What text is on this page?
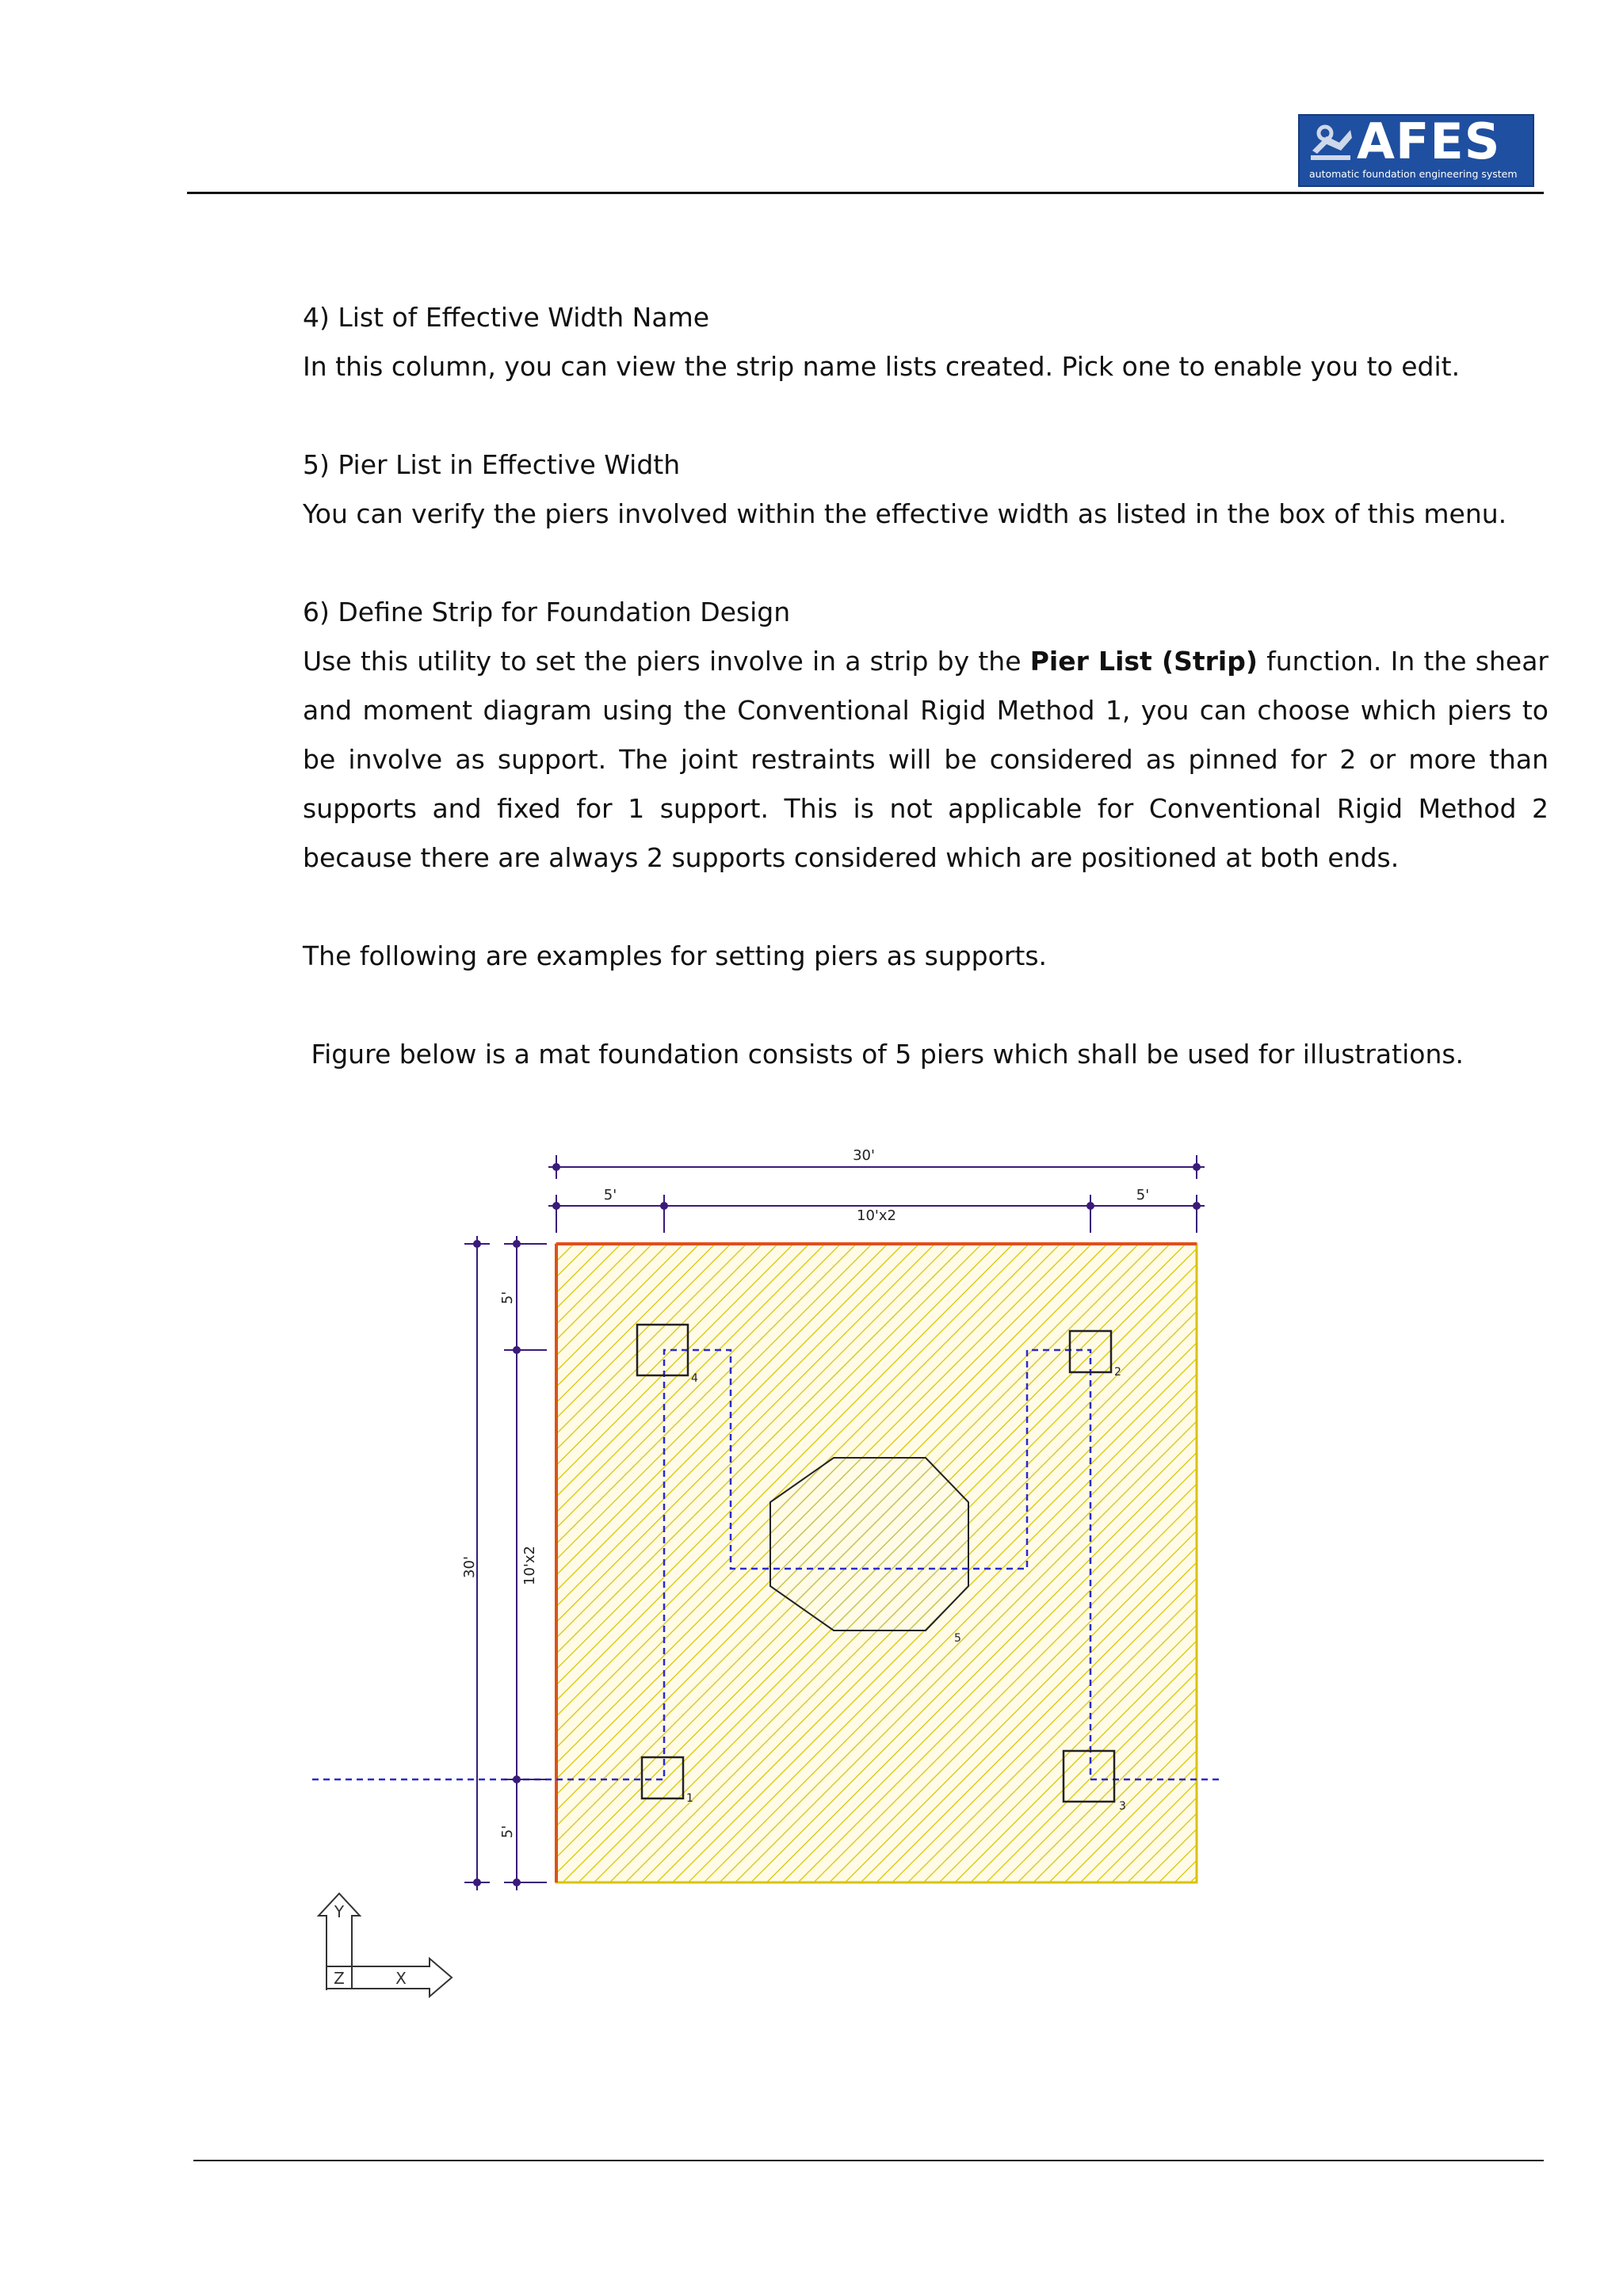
AFES
automatic foundation engineering system
4) List of Effective Width Name
In this column, you can view the strip name lists created. Pick one to enable you to edit.
5) Pier List in Effective Width
You can verify the piers involved within the effective width as listed in the box of this menu.
6) Define Strip for Foundation Design
Use this utility to set the piers involve in a strip by the Pier List (Strip) function. In the shear and moment diagram using the Conventional Rigid Method 1, you can choose which piers to be involve as support. The joint restraints will be considered as pinned for 2 or more than supports and fixed for 1 support. This is not applicable for Conventional Rigid Method 2 because there are always 2 supports considered which are positioned at both ends.
The following are examples for setting piers as supports.
Figure below is a mat foundation consists of 5 piers which shall be used for illustrations.
4	2
1
3
5
30'
5'
10'x2
5'
30'
5'
10'x2
5'
Y
Z	X
